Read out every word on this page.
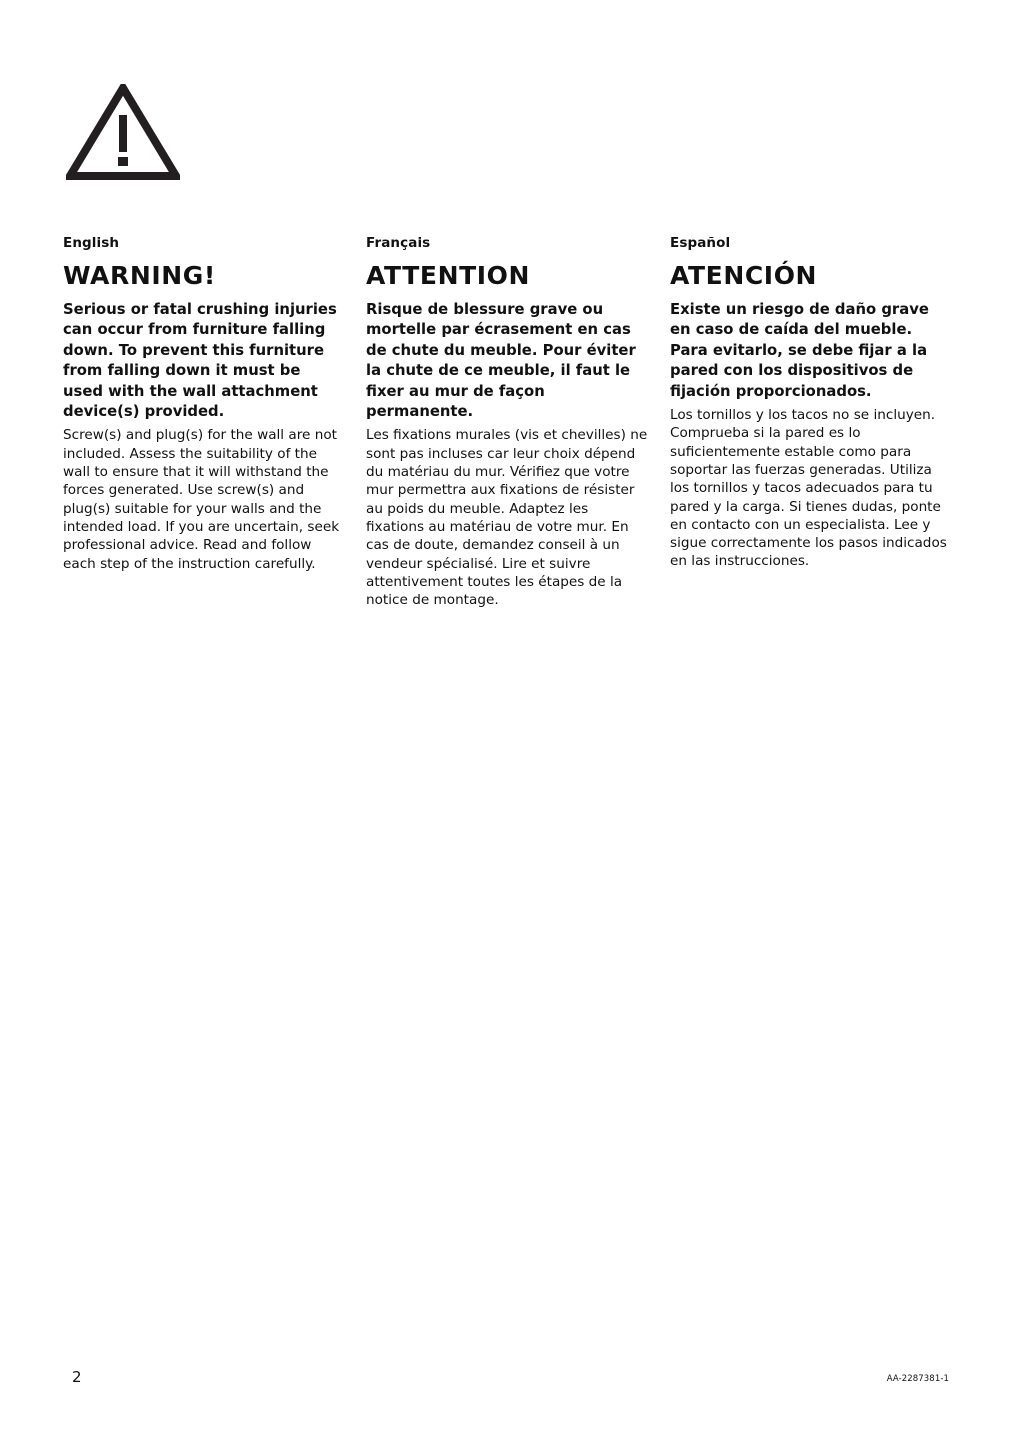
English

WARNING!

Serious or fatal crushing injuries can occur from furniture falling down. To prevent this furniture from falling down it must be used with the wall attachment device(s) provided.

Screw(s) and plug(s) for the wall are not included. Assess the suitability of the wall to ensure that it will withstand the forces generated. Use screw(s) and plug(s) suitable for your walls and the intended load. If you are uncertain, seek professional advice. Read and follow each step of the instruction carefully.

Français

ATTENTION

Risque de blessure grave ou mortelle par écrasement en cas de chute du meuble. Pour éviter la chute de ce meuble, il faut le fixer au mur de façon permanente.

Les fixations murales (vis et chevilles) ne sont pas incluses car leur choix dépend du matériau du mur. Vérifiez que votre mur permettra aux fixations de résister au poids du meuble. Adaptez les fixations au matériau de votre mur. En cas de doute, demandez conseil à un vendeur spécialisé. Lire et suivre attentivement toutes les étapes de la notice de montage.

Español

ATENCIÓN

Existe un riesgo de daño grave en caso de caída del mueble. Para evitarlo, se debe fijar a la pared con los dispositivos de fijación proporcionados.

Los tornillos y los tacos no se incluyen. Comprueba si la pared es lo suficientemente estable como para soportar las fuerzas generadas. Utiliza los tornillos y tacos adecuados para tu pared y la carga. Si tienes dudas, ponte en contacto con un especialista. Lee y sigue correctamente los pasos indicados en las instrucciones.

2	AA-2287381-1
